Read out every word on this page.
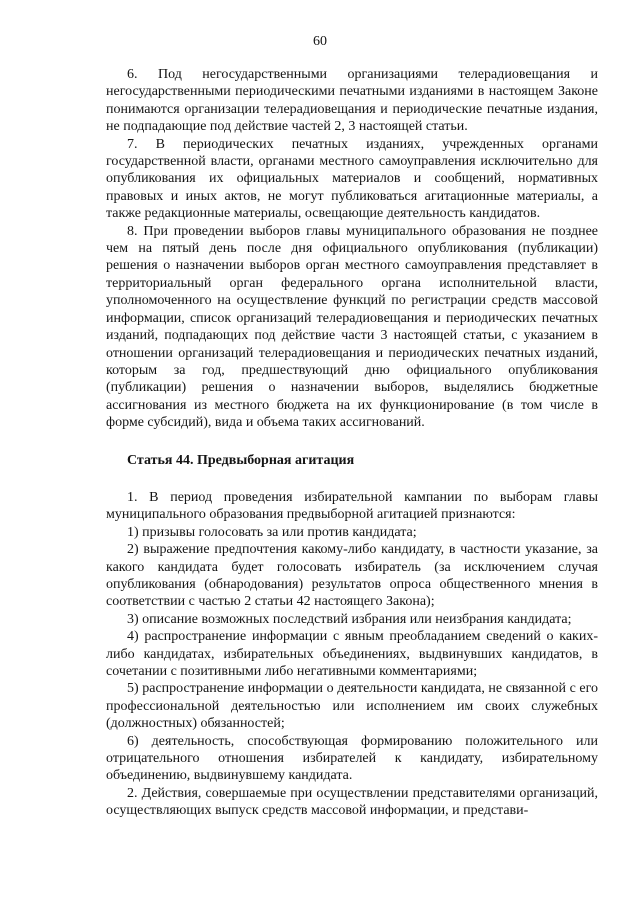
60

6. Под негосударственными организациями телерадиовещания и негосударственными периодическими печатными изданиями в настоящем Законе понимаются организации телерадиовещания и периодические печатные издания, не подпадающие под действие частей 2, 3 настоящей статьи.

7. В периодических печатных изданиях, учрежденных органами государственной власти, органами местного самоуправления исключительно для опубликования их официальных материалов и сообщений, нормативных правовых и иных актов, не могут публиковаться агитационные материалы, а также редакционные материалы, освещающие деятельность кандидатов.

8. При проведении выборов главы муниципального образования не позднее чем на пятый день после дня официального опубликования (публикации) решения о назначении выборов орган местного самоуправления представляет в территориальный орган федерального органа исполнительной власти, уполномоченного на осуществление функций по регистрации средств массовой информации, список организаций телерадиовещания и периодических печатных изданий, подпадающих под действие части 3 настоящей статьи, с указанием в отношении организаций телерадиовещания и периодических печатных изданий, которым за год, предшествующий дню официального опубликования (публикации) решения о назначении выборов, выделялись бюджетные ассигнования из местного бюджета на их функционирование (в том числе в форме субсидий), вида и объема таких ассигнований.

Статья 44. Предвыборная агитация

1. В период проведения избирательной кампании по выборам главы муниципального образования предвыборной агитацией признаются:

1) призывы голосовать за или против кандидата;

2) выражение предпочтения какому-либо кандидату, в частности указание, за какого кандидата будет голосовать избиратель (за исключением случая опубликования (обнародования) результатов опроса общественного мнения в соответствии с частью 2 статьи 42 настоящего Закона);

3) описание возможных последствий избрания или неизбрания кандидата;

4) распространение информации с явным преобладанием сведений о каких-либо кандидатах, избирательных объединениях, выдвинувших кандидатов, в сочетании с позитивными либо негативными комментариями;

5) распространение информации о деятельности кандидата, не связанной с его профессиональной деятельностью или исполнением им своих служебных (должностных) обязанностей;

6) деятельность, способствующая формированию положительного или отрицательного отношения избирателей к кандидату, избирательному объединению, выдвинувшему кандидата.

2. Действия, совершаемые при осуществлении представителями организаций, осуществляющих выпуск средств массовой информации, и представи-
